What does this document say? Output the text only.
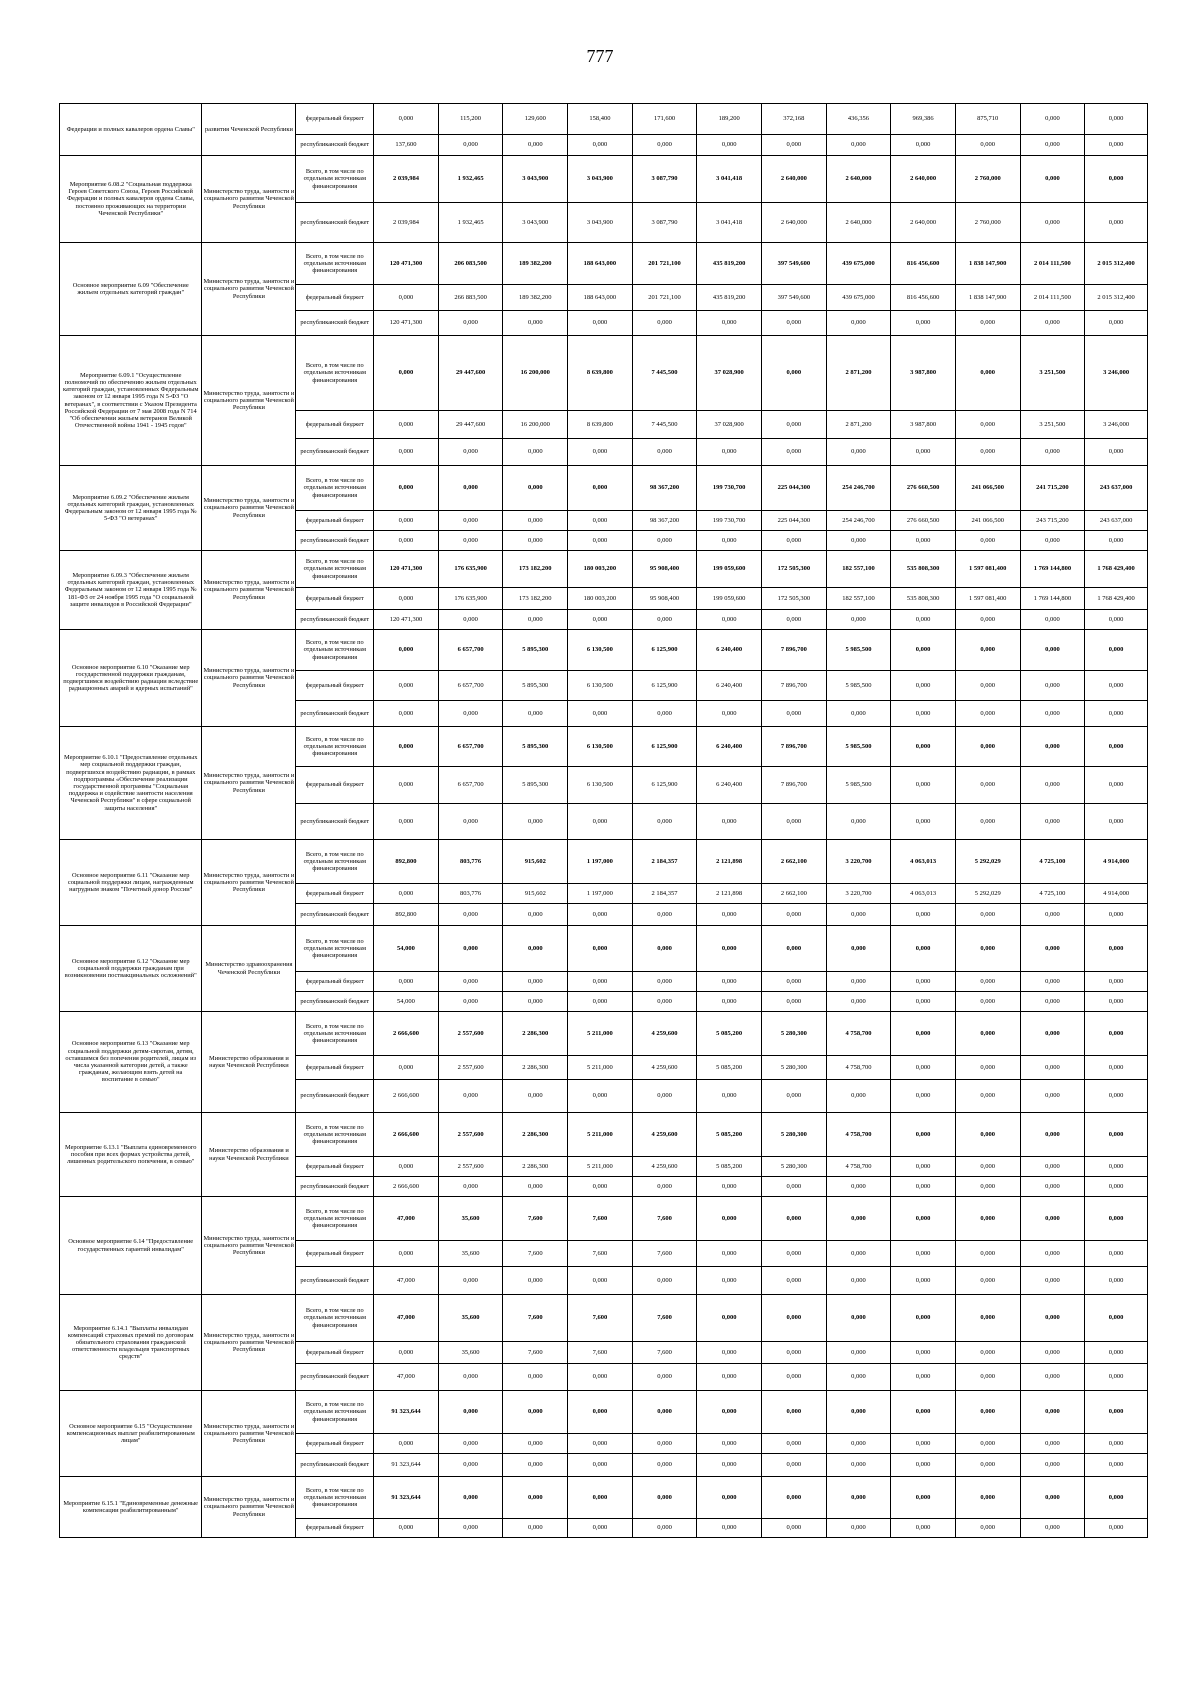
777
Федерации и полных кавалеров ордена Славы"	развития Чеченской Республики	федеральный бюджет	0,000	115,200	129,600	158,400	171,600	189,200	372,168	436,356	969,386	875,710	0,000	0,000
		республиканский бюджет	137,600	0,000	0,000	0,000	0,000	0,000	0,000	0,000	0,000	0,000	0,000	0,000
Мероприятие 6.08.2 "Социальная поддержка Героев Советского Союза, Героев Российской Федерации и полных кавалеров ордена Славы, постоянно проживающих на территории Чеченской Республики"	Министерство труда, занятости и социального развития Чеченской Республики	Всего, в том числе по отдельным источникам финансирования	2 039,984	1 932,465	3 043,900	3 043,900	3 087,790	3 041,418	2 640,000	2 640,000	2 640,000	2 760,000	0,000	0,000
		республиканский бюджет	2 039,984	1 932,465	3 043,900	3 043,900	3 087,790	3 041,418	2 640,000	2 640,000	2 640,000	2 760,000	0,000	0,000
Основное мероприятие 6.09 "Обеспечение жильем отдельных категорий граждан"	Министерство труда, занятости и социального развития Чеченской Республики	Всего, в том числе по отдельным источникам финансирования	120 471,300	206 083,500	189 382,200	188 643,000	201 721,100	435 819,200	397 549,600	439 675,000	816 456,600	1 838 147,900	2 014 111,500	2 015 312,400
		федеральный бюджет	0,000	266 883,500	189 382,200	188 643,000	201 721,100	435 819,200	397 549,600	439 675,000	816 456,600	1 838 147,900	2 014 111,500	2 015 312,400
		республиканский бюджет	120 471,300	0,000	0,000	0,000	0,000	0,000	0,000	0,000	0,000	0,000	0,000	0,000
Мероприятие 6.09.1 "Осуществление полномочий по обеспечению жильем отдельных категорий граждан, установленных Федеральным законом от 12 января 1995 года N 5-ФЗ "О ветеранах", в соответствии с Указом Президента Российской Федерации от 7 мая 2008 года N 714 "Об обеспечении жильем ветеранов Великой Отечественной войны 1941 - 1945 годов"	Министерство труда, занятости и социального развития Чеченской Республики	Всего, в том числе по отдельным источникам финансирования	0,000	29 447,600	16 200,000	8 639,800	7 445,500	37 028,900	0,000	2 871,200	3 987,800	0,000	3 251,500	3 246,000
		федеральный бюджет	0,000	29 447,600	16 200,000	8 639,800	7 445,500	37 028,900	0,000	2 871,200	3 987,800	0,000	3 251,500	3 246,000
		республиканский бюджет	0,000	0,000	0,000	0,000	0,000	0,000	0,000	0,000	0,000	0,000	0,000	0,000
Мероприятие 6.09.2 "Обеспечение жильем отдельных категорий граждан, установленных Федеральным законом от 12 января 1995 года № 5-ФЗ "О ветеранах"	Министерство труда, занятости и социального развития Чеченской Республики	Всего, в том числе по отдельным источникам финансирования	0,000	0,000	0,000	0,000	98 367,200	199 730,700	225 044,300	254 246,700	276 660,500	241 066,500	241 715,200	243 637,000
		федеральный бюджет	0,000	0,000	0,000	0,000	98 367,200	199 730,700	225 044,300	254 246,700	276 660,500	241 066,500	243 715,200	243 637,000
		республиканский бюджет	0,000	0,000	0,000	0,000	0,000	0,000	0,000	0,000	0,000	0,000	0,000	0,000
Мероприятие 6.09.3 "Обеспечение жильем отдельных категорий граждан, установленных Федеральным законом от 12 января 1995 года № 181-ФЗ от 24 ноября 1995 года "О социальной защите инвалидов в Российской Федерации"	Министерство труда, занятости и социального развития Чеченской Республики	Всего, в том числе по отдельным источникам финансирования	120 471,300	176 635,900	173 182,200	180 003,200	95 908,400	199 059,600	172 505,300	182 557,100	535 808,300	1 597 081,400	1 769 144,800	1 768 429,400
		федеральный бюджет	0,000	176 635,900	173 182,200	180 003,200	95 908,400	199 059,600	172 505,300	182 557,100	535 808,300	1 597 081,400	1 769 144,800	1 768 429,400
		республиканский бюджет	120 471,300	0,000	0,000	0,000	0,000	0,000	0,000	0,000	0,000	0,000	0,000	0,000
Основное мероприятие 6.10 "Оказание мер государственной поддержки гражданам, подвергшимся воздействию радиации вследствие радиационных аварий и ядерных испытаний"	Министерство труда, занятости и социального развития Чеченской Республики	Всего, в том числе по отдельным источникам финансирования	0,000	6 657,700	5 895,300	6 130,500	6 125,900	6 240,400	7 896,700	5 985,500	0,000	0,000	0,000	0,000
		федеральный бюджет	0,000	6 657,700	5 895,300	6 130,500	6 125,900	6 240,400	7 896,700	5 985,500	0,000	0,000	0,000	0,000
		республиканский бюджет	0,000	0,000	0,000	0,000	0,000	0,000	0,000	0,000	0,000	0,000	0,000	0,000
Мероприятие 6.10.1 "Предоставление отдельных мер социальной поддержки граждан, подвергшихся воздействию радиации, в рамках подпрограммы «Обеспечение реализации государственной программы "Социальная поддержка и содействие занятости населения Чеченской Республики" в сфере социальной защиты населения"	Министерство труда, занятости и социального развития Чеченской Республики	Всего, в том числе по отдельным источникам финансирования	0,000	6 657,700	5 895,300	6 130,500	6 125,900	6 240,400	7 896,700	5 985,500	0,000	0,000	0,000	0,000
		федеральный бюджет	0,000	6 657,700	5 895,300	6 130,500	6 125,900	6 240,400	7 896,700	5 985,500	0,000	0,000	0,000	0,000
		республиканский бюджет	0,000	0,000	0,000	0,000	0,000	0,000	0,000	0,000	0,000	0,000	0,000	0,000
Основное мероприятие 6.11 "Оказание мер социальной поддержки лицам, награжденным нагрудным знаком "Почетный донор России"	Министерство труда, занятости и социального развития Чеченской Республики	Всего, в том числе по отдельным источникам финансирования	892,800	803,776	915,602	1 197,000	2 184,357	2 121,898	2 662,100	3 220,700	4 063,013	5 292,029	4 725,100	4 914,000
		федеральный бюджет	0,000	803,776	915,602	1 197,000	2 184,357	2 121,898	2 662,100	3 220,700	4 063,013	5 292,029	4 725,100	4 914,000
		республиканский бюджет	892,800	0,000	0,000	0,000	0,000	0,000	0,000	0,000	0,000	0,000	0,000	0,000
Основное мероприятие 6.12 "Оказание мер социальной поддержки гражданам при возникновении поствакцинальных осложнений"	Министерство здравоохранения Чеченской Республики	Всего, в том числе по отдельным источникам финансирования	54,000	0,000	0,000	0,000	0,000	0,000	0,000	0,000	0,000	0,000	0,000	0,000
		федеральный бюджет	0,000	0,000	0,000	0,000	0,000	0,000	0,000	0,000	0,000	0,000	0,000	0,000
		республиканский бюджет	54,000	0,000	0,000	0,000	0,000	0,000	0,000	0,000	0,000	0,000	0,000	0,000
Основное мероприятие 6.13 "Оказание мер социальной поддержки детям-сиротам, детям, оставшимся без попечения родителей, лицам из числа указанной категории детей, а также гражданам, желающим взять детей на воспитание в семью"	Министерство образования и науки Чеченской Республики	Всего, в том числе по отдельным источникам финансирования	2 666,600	2 557,600	2 286,300	5 211,000	4 259,600	5 085,200	5 280,300	4 758,700	0,000	0,000	0,000	0,000
		федеральный бюджет	0,000	2 557,600	2 286,300	5 211,000	4 259,600	5 085,200	5 280,300	4 758,700	0,000	0,000	0,000	0,000
		республиканский бюджет	2 666,600	0,000	0,000	0,000	0,000	0,000	0,000	0,000	0,000	0,000	0,000	0,000
Мероприятие 6.13.1 "Выплата единовременного пособия при всех формах устройства детей, лишенных родительского попечения, в семью"	Министерство образования и науки Чеченской Республики	Всего, в том числе по отдельным источникам финансирования	2 666,600	2 557,600	2 286,300	5 211,000	4 259,600	5 085,200	5 280,300	4 758,700	0,000	0,000	0,000	0,000
		федеральный бюджет	0,000	2 557,600	2 286,300	5 211,000	4 259,600	5 085,200	5 280,300	4 758,700	0,000	0,000	0,000	0,000
		республиканский бюджет	2 666,600	0,000	0,000	0,000	0,000	0,000	0,000	0,000	0,000	0,000	0,000	0,000
Основное мероприятие 6.14 "Предоставление государственных гарантий инвалидам"	Министерство труда, занятости и социального развития Чеченской Республики	Всего, в том числе по отдельным источникам финансирования	47,000	35,600	7,600	7,600	7,600	0,000	0,000	0,000	0,000	0,000	0,000	0,000
		федеральный бюджет	0,000	35,600	7,600	7,600	7,600	0,000	0,000	0,000	0,000	0,000	0,000	0,000
		республиканский бюджет	47,000	0,000	0,000	0,000	0,000	0,000	0,000	0,000	0,000	0,000	0,000	0,000
Мероприятие 6.14.1 "Выплаты инвалидам компенсаций страховых премий по договорам обязательного страхования гражданской ответственности владельцев транспортных средств"	Министерство труда, занятости и социального развития Чеченской Республики	Всего, в том числе по отдельным источникам финансирования	47,000	35,600	7,600	7,600	7,600	0,000	0,000	0,000	0,000	0,000	0,000	0,000
		федеральный бюджет	0,000	35,600	7,600	7,600	7,600	0,000	0,000	0,000	0,000	0,000	0,000	0,000
		республиканский бюджет	47,000	0,000	0,000	0,000	0,000	0,000	0,000	0,000	0,000	0,000	0,000	0,000
Основное мероприятие 6.15 "Осуществление компенсационных выплат реабилитированным лицам"	Министерство труда, занятости и социального развития Чеченской Республики	Всего, в том числе по отдельным источникам финансирования	91 323,644	0,000	0,000	0,000	0,000	0,000	0,000	0,000	0,000	0,000	0,000	0,000
		федеральный бюджет	0,000	0,000	0,000	0,000	0,000	0,000	0,000	0,000	0,000	0,000	0,000	0,000
		республиканский бюджет	91 323,644	0,000	0,000	0,000	0,000	0,000	0,000	0,000	0,000	0,000	0,000	0,000
Мероприятие 6.15.1 "Единовременные денежные компенсации реабилитированным"	Министерство труда, занятости и социального развития Чеченской Республики	Всего, в том числе по отдельным источникам финансирования	91 323,644	0,000	0,000	0,000	0,000	0,000	0,000	0,000	0,000	0,000	0,000	0,000
		федеральный бюджет	0,000	0,000	0,000	0,000	0,000	0,000	0,000	0,000	0,000	0,000	0,000	0,000
